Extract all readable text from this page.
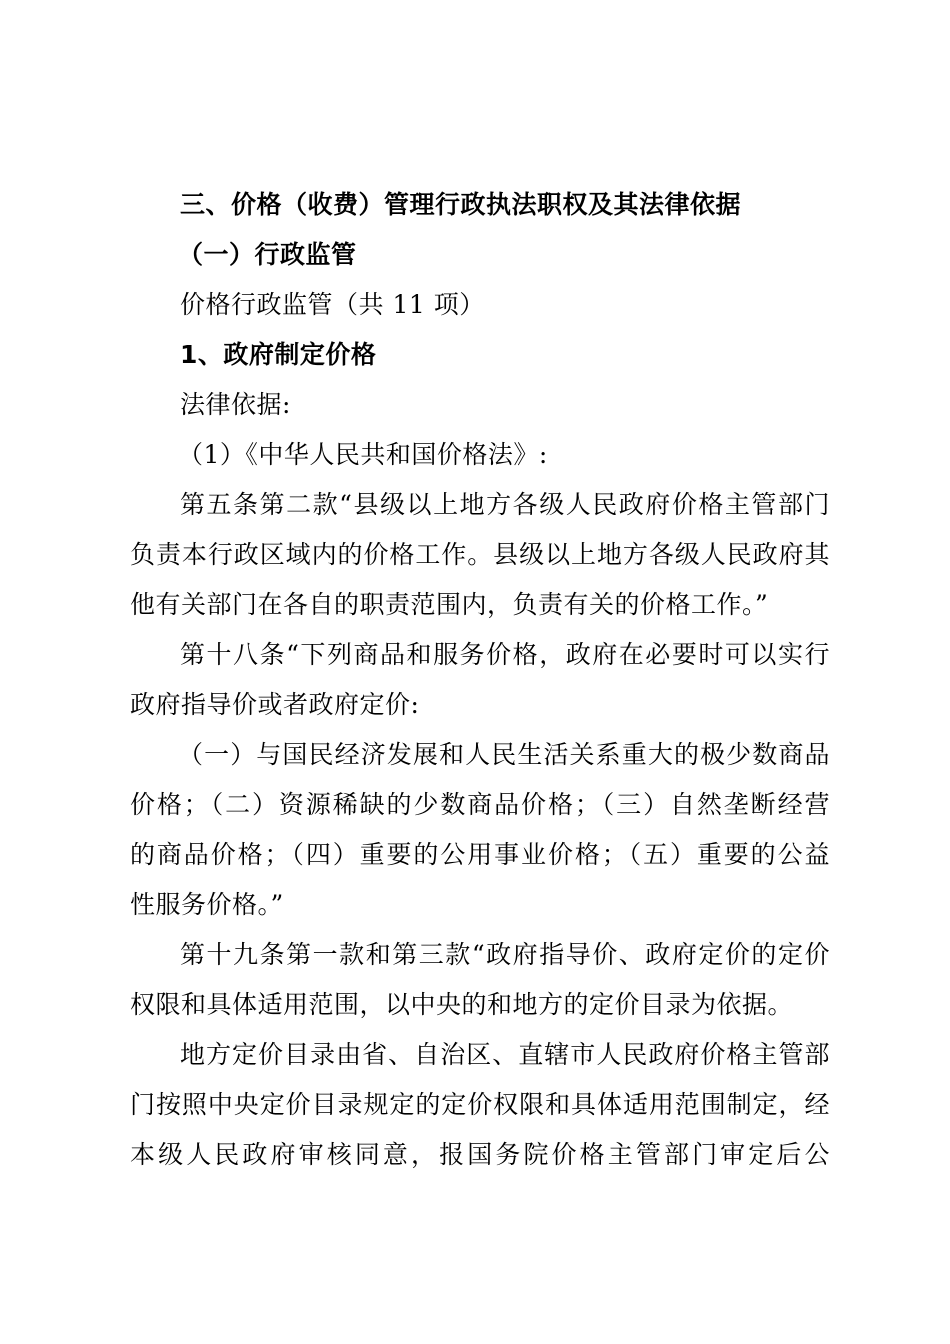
三、价格（收费）管理行政执法职权及其法律依据
（一）行政监管
价格行政监管（共 11 项）
1、政府制定价格
法律依据:
（1）《中华人民共和国价格法》:
第五条第二款“县级以上地方各级人民政府价格主管部门
负责本行政区域内的价格工作。县级以上地方各级人民政府其
他有关部门在各自的职责范围内，负责有关的价格工作。”
第十八条“下列商品和服务价格，政府在必要时可以实行
政府指导价或者政府定价:
（一）与国民经济发展和人民生活关系重大的极少数商品
价格；（二）资源稀缺的少数商品价格；（三）自然垄断经营
的商品价格；（四）重要的公用事业价格；（五）重要的公益
性服务价格。”
第十九条第一款和第三款“政府指导价、政府定价的定价
权限和具体适用范围，以中央的和地方的定价目录为依据。
地方定价目录由省、自治区、直辖市人民政府价格主管部
门按照中央定价目录规定的定价权限和具体适用范围制定，经
本级人民政府审核同意，报国务院价格主管部门审定后公
